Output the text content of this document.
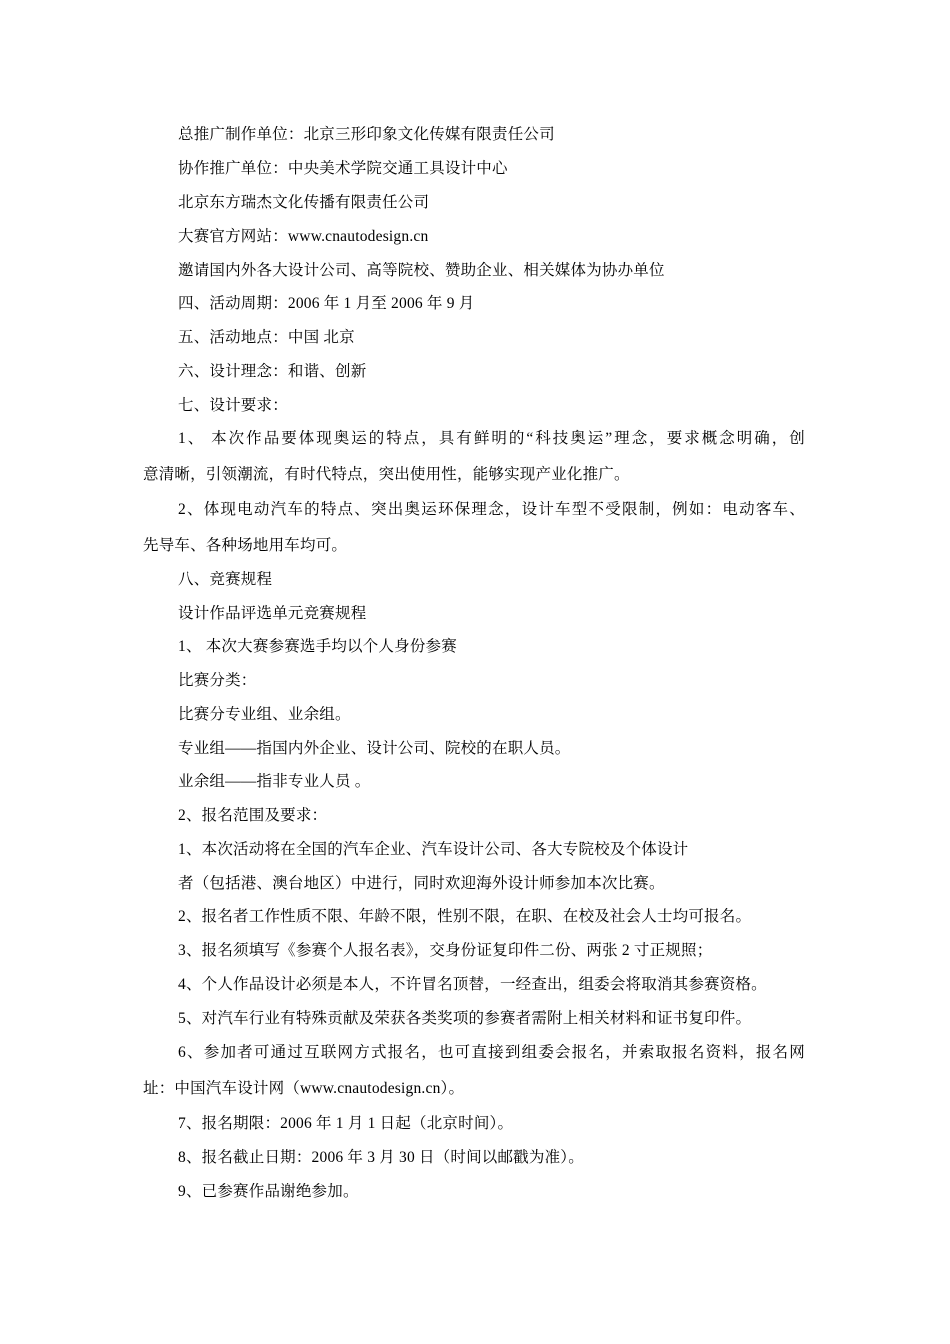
总推广制作单位：北京三形印象文化传媒有限责任公司
协作推广单位：中央美术学院交通工具设计中心
北京东方瑞杰文化传播有限责任公司
大赛官方网站：www.cnautodesign.cn
邀请国内外各大设计公司、高等院校、赞助企业、相关媒体为协办单位
四、活动周期：2006 年 1 月至 2006 年 9 月
五、活动地点：中国 北京
六、设计理念：和谐、创新
七、设计要求：
1、 本次作品要体现奥运的特点，具有鲜明的“科技奥运”理念，要求概念明确，创
意清晰，引领潮流，有时代特点，突出使用性，能够实现产业化推广。
2、体现电动汽车的特点、突出奥运环保理念，设计车型不受限制，例如：电动客车、
先导车、各种场地用车均可。
八、竞赛规程
设计作品评选单元竞赛规程
1、 本次大赛参赛选手均以个人身份参赛
比赛分类：
比赛分专业组、业余组。
专业组——指国内外企业、设计公司、院校的在职人员。
业余组——指非专业人员 。
2、报名范围及要求：
1、本次活动将在全国的汽车企业、汽车设计公司、各大专院校及个体设计
者（包括港、澳台地区）中进行，同时欢迎海外设计师参加本次比赛。
2、报名者工作性质不限、年龄不限，性别不限，在职、在校及社会人士均可报名。
3、报名须填写《参赛个人报名表》，交身份证复印件二份、两张 2 寸正规照；
4、个人作品设计必须是本人，不许冒名顶替，一经查出，组委会将取消其参赛资格。
5、对汽车行业有特殊贡献及荣获各类奖项的参赛者需附上相关材料和证书复印件。
6、参加者可通过互联网方式报名，也可直接到组委会报名，并索取报名资料，报名网
址：中国汽车设计网（www.cnautodesign.cn）。
7、报名期限：2006 年 1 月 1 日起（北京时间）。
8、报名截止日期：2006 年 3 月 30 日（时间以邮戳为准）。
9、已参赛作品谢绝参加。
